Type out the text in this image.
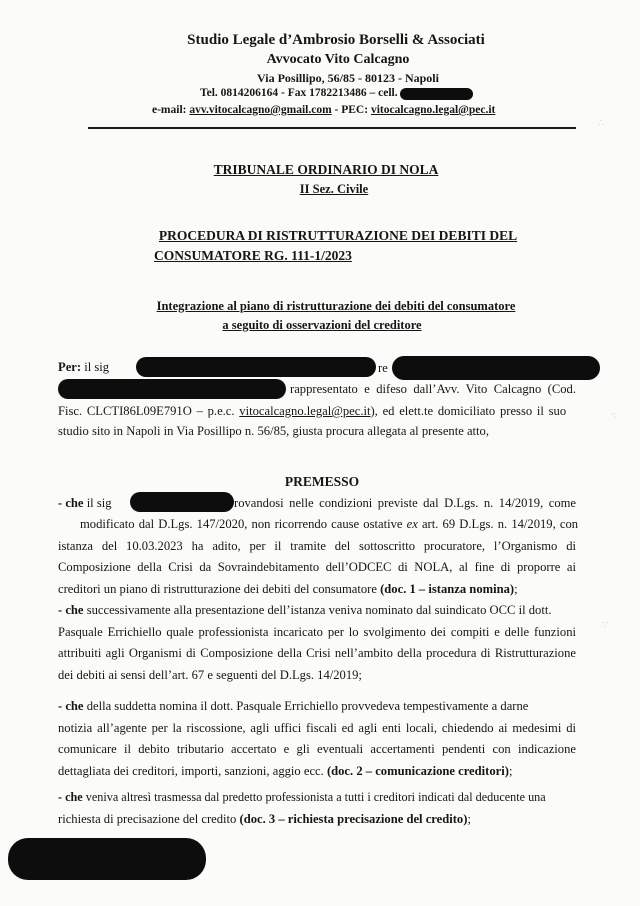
∴
·:
∵
Studio Legale d’Ambrosio Borselli & Associati
Avvocato Vito Calcagno
Via Posillipo, 56/85 - 80123 - Napoli
Tel. 0814206164 - Fax 1782213486 – cell.
e-mail: avv.vitocalcagno@gmail.com - PEC: vitocalcagno.legal@pec.it
TRIBUNALE ORDINARIO DI NOLA
II Sez. Civile
PROCEDURA DI RISTRUTTURAZIONE DEI DEBITI DEL
CONSUMATORE RG. 111-1/2023
Integrazione al piano di ristrutturazione dei debiti del consumatore
a seguito di osservazioni del creditore
Per: il sig	re
rappresentato e difeso dall’Avv. Vito Calcagno (Cod.
Fisc. CLCTI86L09E791O – p.e.c. vitocalcagno.legal@pec.it), ed elett.te domiciliato presso il suo
studio sito in Napoli in Via Posillipo n. 56/85, giusta procura allegata al presente atto,
PREMESSO
- che il sig	rovandosi nelle condizioni previste dal D.Lgs. n. 14/2019, come
modificato dal D.Lgs. 147/2020, non ricorrendo cause ostative ex art. 69 D.Lgs. n. 14/2019, con
istanza del 10.03.2023 ha adito, per il tramite del sottoscritto procuratore, l’Organismo di
Composizione della Crisi da Sovraindebitamento dell’ODCEC di NOLA, al fine di proporre ai
creditori un piano di ristrutturazione dei debiti del consumatore (doc. 1 – istanza nomina);
- che successivamente alla presentazione dell’istanza veniva nominato dal suindicato OCC il dott.
Pasquale Errichiello quale professionista incaricato per lo svolgimento dei compiti e delle funzioni
attribuiti agli Organismi di Composizione della Crisi nell’ambito della procedura di Ristrutturazione
dei debiti ai sensi dell’art. 67 e seguenti del D.Lgs. 14/2019;
- che della suddetta nomina il dott. Pasquale Errichiello provvedeva tempestivamente a darne
notizia all’agente per la riscossione, agli uffici fiscali ed agli enti locali, chiedendo ai medesimi di
comunicare il debito tributario accertato e gli eventuali accertamenti pendenti con indicazione
dettagliata dei creditori, importi, sanzioni, aggio ecc. (doc. 2 – comunicazione creditori);
- che veniva altresì trasmessa dal predetto professionista a tutti i creditori indicati dal deducente una
richiesta di precisazione del credito (doc. 3 – richiesta precisazione del credito);
